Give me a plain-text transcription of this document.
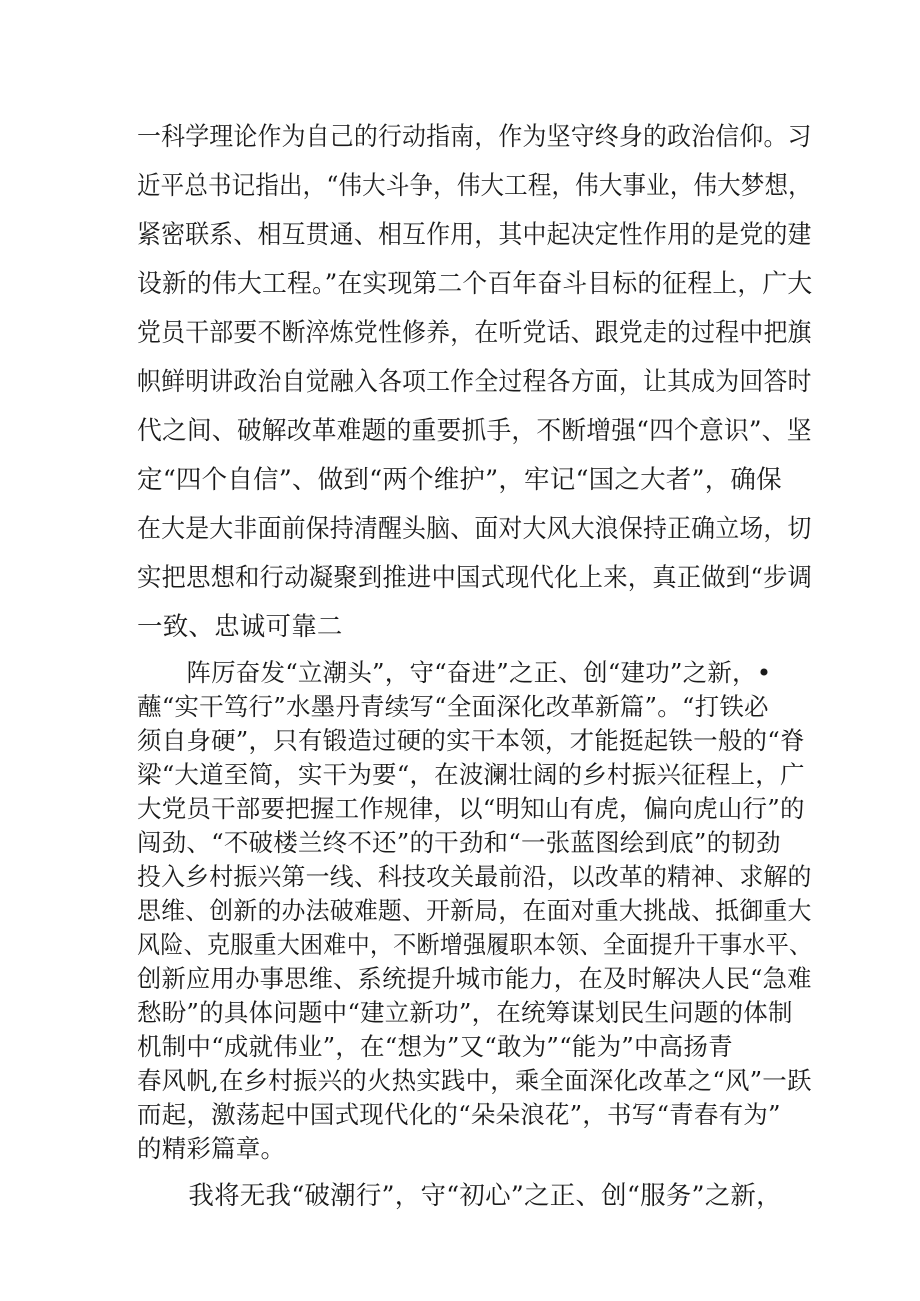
一科学理论作为自己的行动指南，作为坚守终身的政治信仰。习
近平总书记指出，“伟大斗争，伟大工程，伟大事业，伟大梦想，
紧密联系、相互贯通、相互作用，其中起决定性作用的是党的建
设新的伟大工程。”在实现第二个百年奋斗目标的征程上，广大
党员干部要不断淬炼党性修养，在听党话、跟党走的过程中把旗
帜鲜明讲政治自觉融入各项工作全过程各方面，让其成为回答时
代之间、破解改革难题的重要抓手，不断增强“四个意识”、坚
定“四个自信”、做到“两个维护”，牢记“国之大者”，确保
在大是大非面前保持清醒头脑、面对大风大浪保持正确立场，切
实把思想和行动凝聚到推进中国式现代化上来，真正做到“步调
一致、忠诚可靠二
　　阵厉奋发“立潮头”，守“奋进”之正、创“建功”之新，•
蘸“实干笃行”水墨丹青续写“全面深化改革新篇”。“打铁必
须自身硬”，只有锻造过硬的实干本领，才能挺起铁一般的“脊
梁“大道至简，实干为要“，在波澜壮阔的乡村振兴征程上，广
大党员干部要把握工作规律，以“明知山有虎，偏向虎山行”的
闯劲、“不破楼兰终不还”的干劲和“一张蓝图绘到底”的韧劲
投入乡村振兴第一线、科技攻关最前沿，以改革的精神、求解的
思维、创新的办法破难题、开新局，在面对重大挑战、抵御重大
风险、克服重大困难中，不断增强履职本领、全面提升干事水平、
创新应用办事思维、系统提升城市能力，在及时解决人民“急难
愁盼”的具体问题中“建立新功”，在统筹谋划民生问题的体制
机制中“成就伟业”，在“想为”又“敢为”“能为”中高扬青
春风帆,在乡村振兴的火热实践中，乘全面深化改革之“风”一跃
而起，激荡起中国式现代化的“朵朵浪花”，书写“青春有为”
的精彩篇章。
　　我将无我“破潮行”，守“初心”之正、创“服务”之新，
